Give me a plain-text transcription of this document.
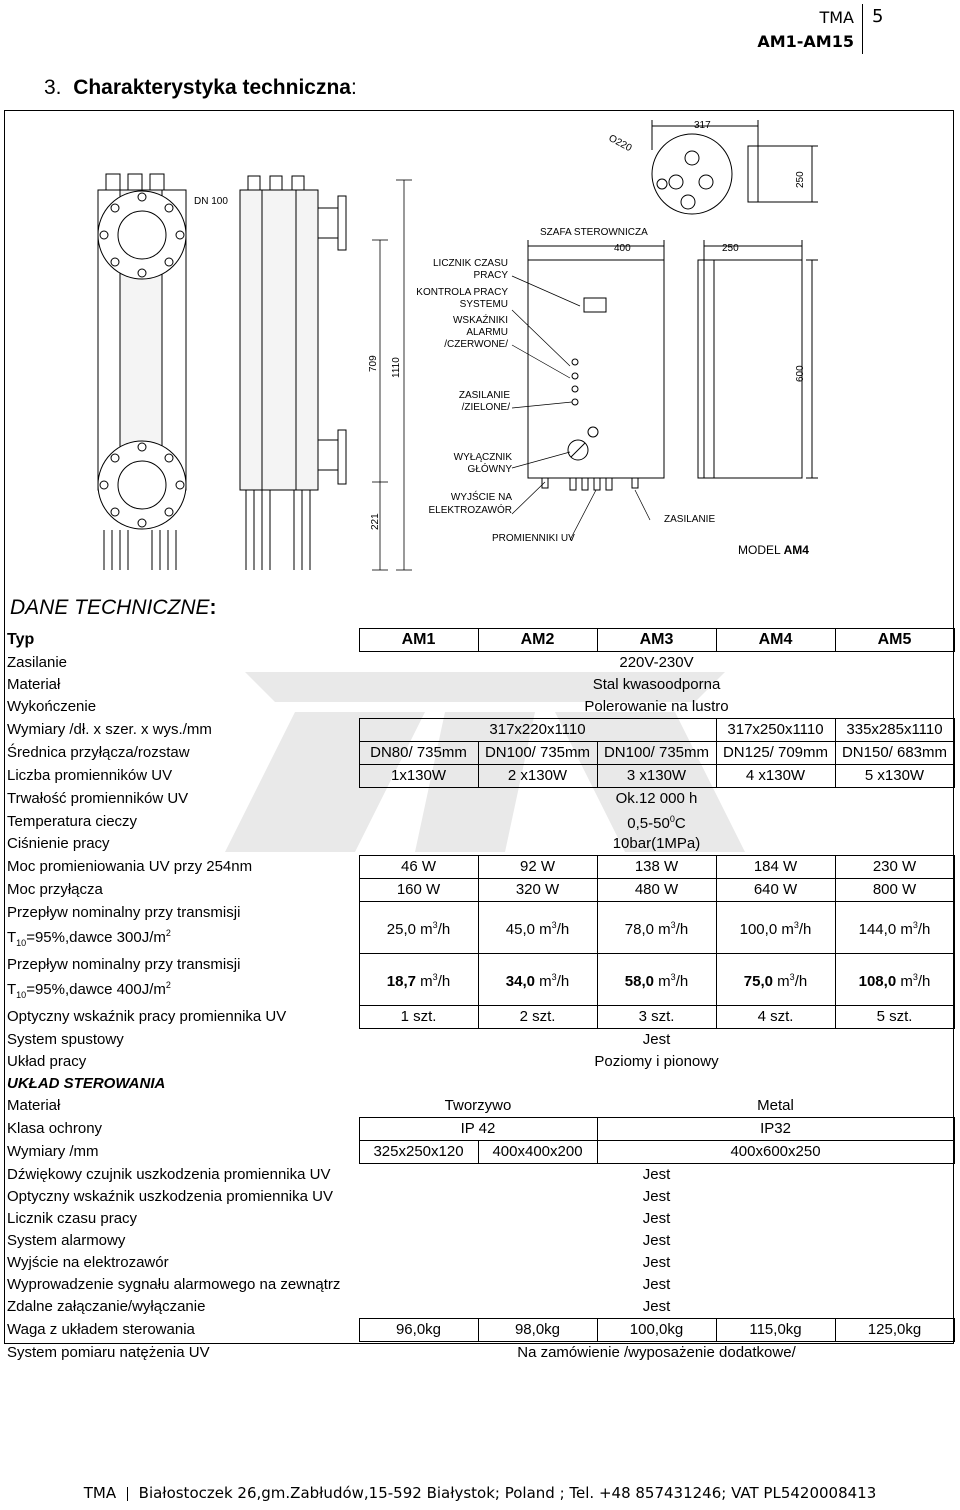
TMA
AM1-AM15
5
3. Charakterystyka techniczna:
DN 100
O220
317
250
SZAFA STEROWNICZA
400	250
LICZNIK CZASU
PRACY
KONTROLA PRACY
SYSTEMU
WSKAŹNIKI
ALARMU
/CZERWONE/
709 1110	600
ZASILANIE
/ZIELONE/
WYŁĄCZNIK
GŁÓWNY
WYJŚCIE NA
ELEKTROZAWÓR
221	ZASILANIE
PROMIENNIKI UV
MODEL AM4
DANE TECHNICZNE:
Typ	AM1	AM2	AM3	AM4	AM5
Zasilanie	220V-230V				
Materiał	Stal kwasoodporna				
Wykończenie	Polerowanie na lustro				
Wymiary /dł. x szer. x wys./mm	317x220x1110			317x250x1110	335x285x1110
Średnica przyłącza/rozstaw	DN80/ 735mm	DN100/ 735mm	DN100/ 735mm	DN125/ 709mm	DN150/ 683mm
Liczba promienników UV	1x130W	2 x130W	3 x130W	4 x130W	5 x130W
Trwałość promienników UV	Ok.12 000 h				
Temperatura cieczy	$0,5-50^0C$				
Ciśnienie pracy	10bar(1MPa)				
Moc promieniowania UV przy 254nm	46 W	92 W	138 W	184 W	230 W
Moc przyłącza	160 W	320 W	480 W	640 W	800 W

Przepływ nominalny przy transmisji
$T_{10}=95\%,dawce$ $300J/m^2$	25,0 $m^3/h$	45,0 $m^3/h$	78,0 $m^3/h$	100,0 $m^3/h$	144,0 $m^3/h$

Przepływ nominalny przy transmisji
$T_{10}=95\%,dawce$ $400J/m^2$	18,7 $m^3/h$	34,0 $m^3/h$	58,0 $m^3/h$	75,0 $m^3/h$	108,0 $m^3/h$
Optyczny wskaźnik pracy promiennika UV	1 szt.	2 szt.	3 szt.	4 szt.	5 szt.
System spustowy	Jest				
Układ pracy	Poziomy i pionowy				
UKŁAD STEROWANIA					
Materiał	Tworzywo		Metal		
Klasa ochrony	IP 42		IP32		
Wymiary /mm	325x250x120	400x400x200	400x600x250		
Dźwiękowy czujnik uszkodzenia promiennika UV	Jest				
Optyczny wskaźnik uszkodzenia promiennika UV	Jest				
Licznik czasu pracy	Jest				
System alarmowy	Jest				
Wyjście na elektrozawór	Jest				
Wyprowadzenie sygnału alarmowego na zewnątrz	Jest				
Zdalne załączanie/wyłączanie	Jest				
Waga z układem sterowania	96,0kg	98,0kg	100,0kg	115,0kg	125,0kg
System pomiaru natężenia UV	Na zamówienie /wyposażenie dodatkowe/				
TMA Białostoczek 26,gm.Zabłudów,15-592 Białystok; Poland ; Tel. +48 857431246; VAT PL5420008413
